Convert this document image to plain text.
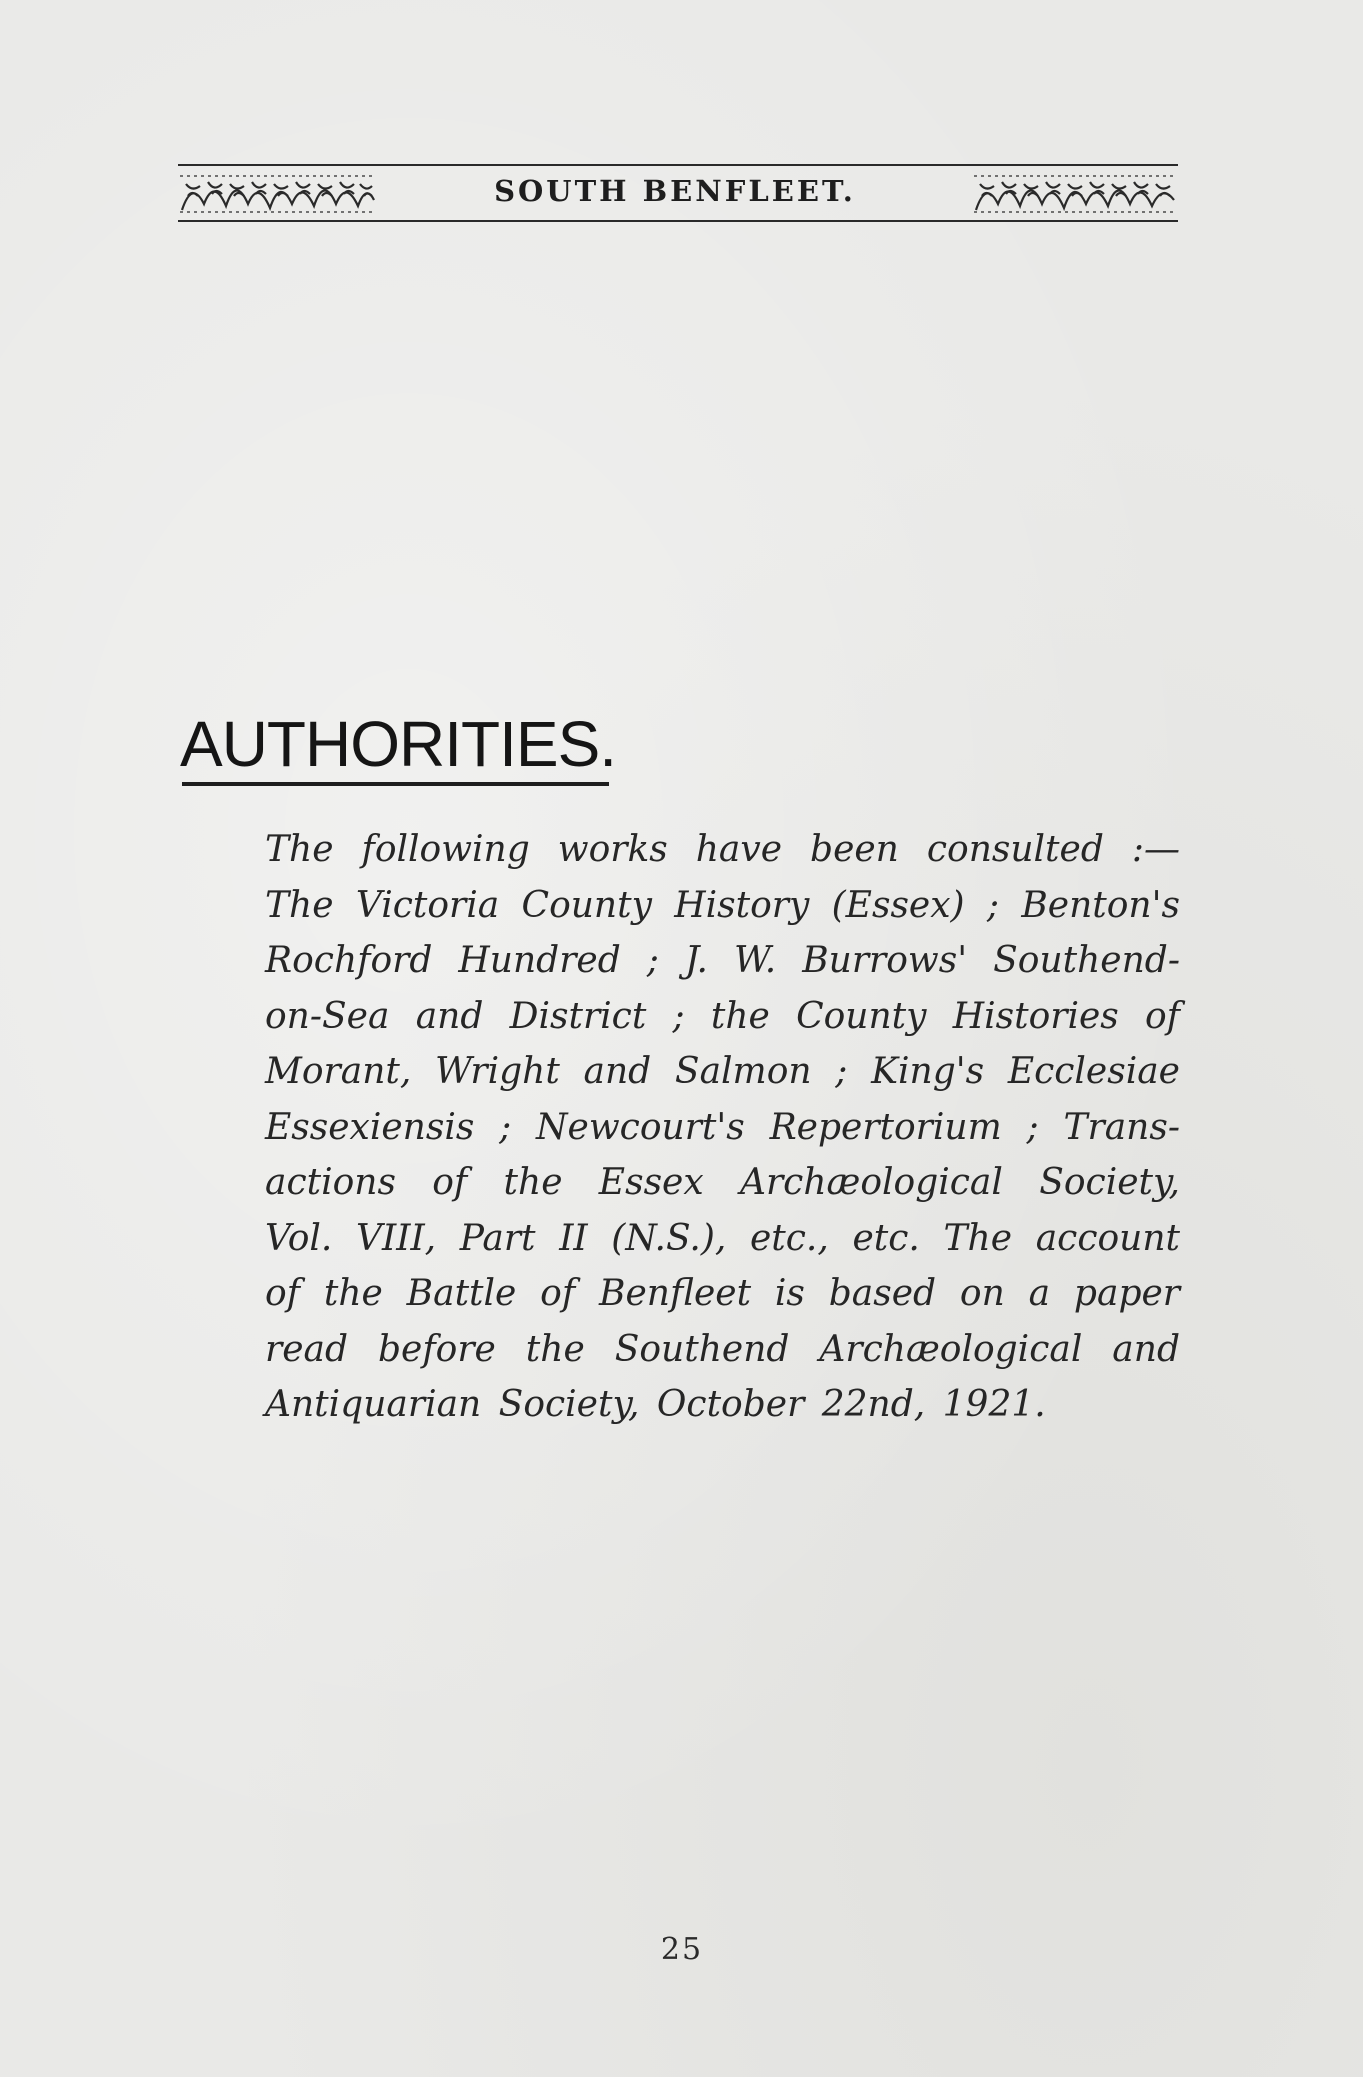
SOUTH BENFLEET.
AUTHORITIES.
The following works have been consulted :—
The Victoria County History (Essex) ; Benton's
Rochford Hundred ; J. W. Burrows' Southend-
on-Sea and District ; the County Histories of
Morant, Wright and Salmon ; King's Ecclesiae
Essexiensis ; Newcourt's Repertorium ; Trans-
actions of the Essex Archæological Society,
Vol. VIII, Part II (N.S.), etc., etc. The account
of the Battle of Benfleet is based on a paper
read before the Southend Archæological and
Antiquarian Society, October 22nd, 1921.
25
